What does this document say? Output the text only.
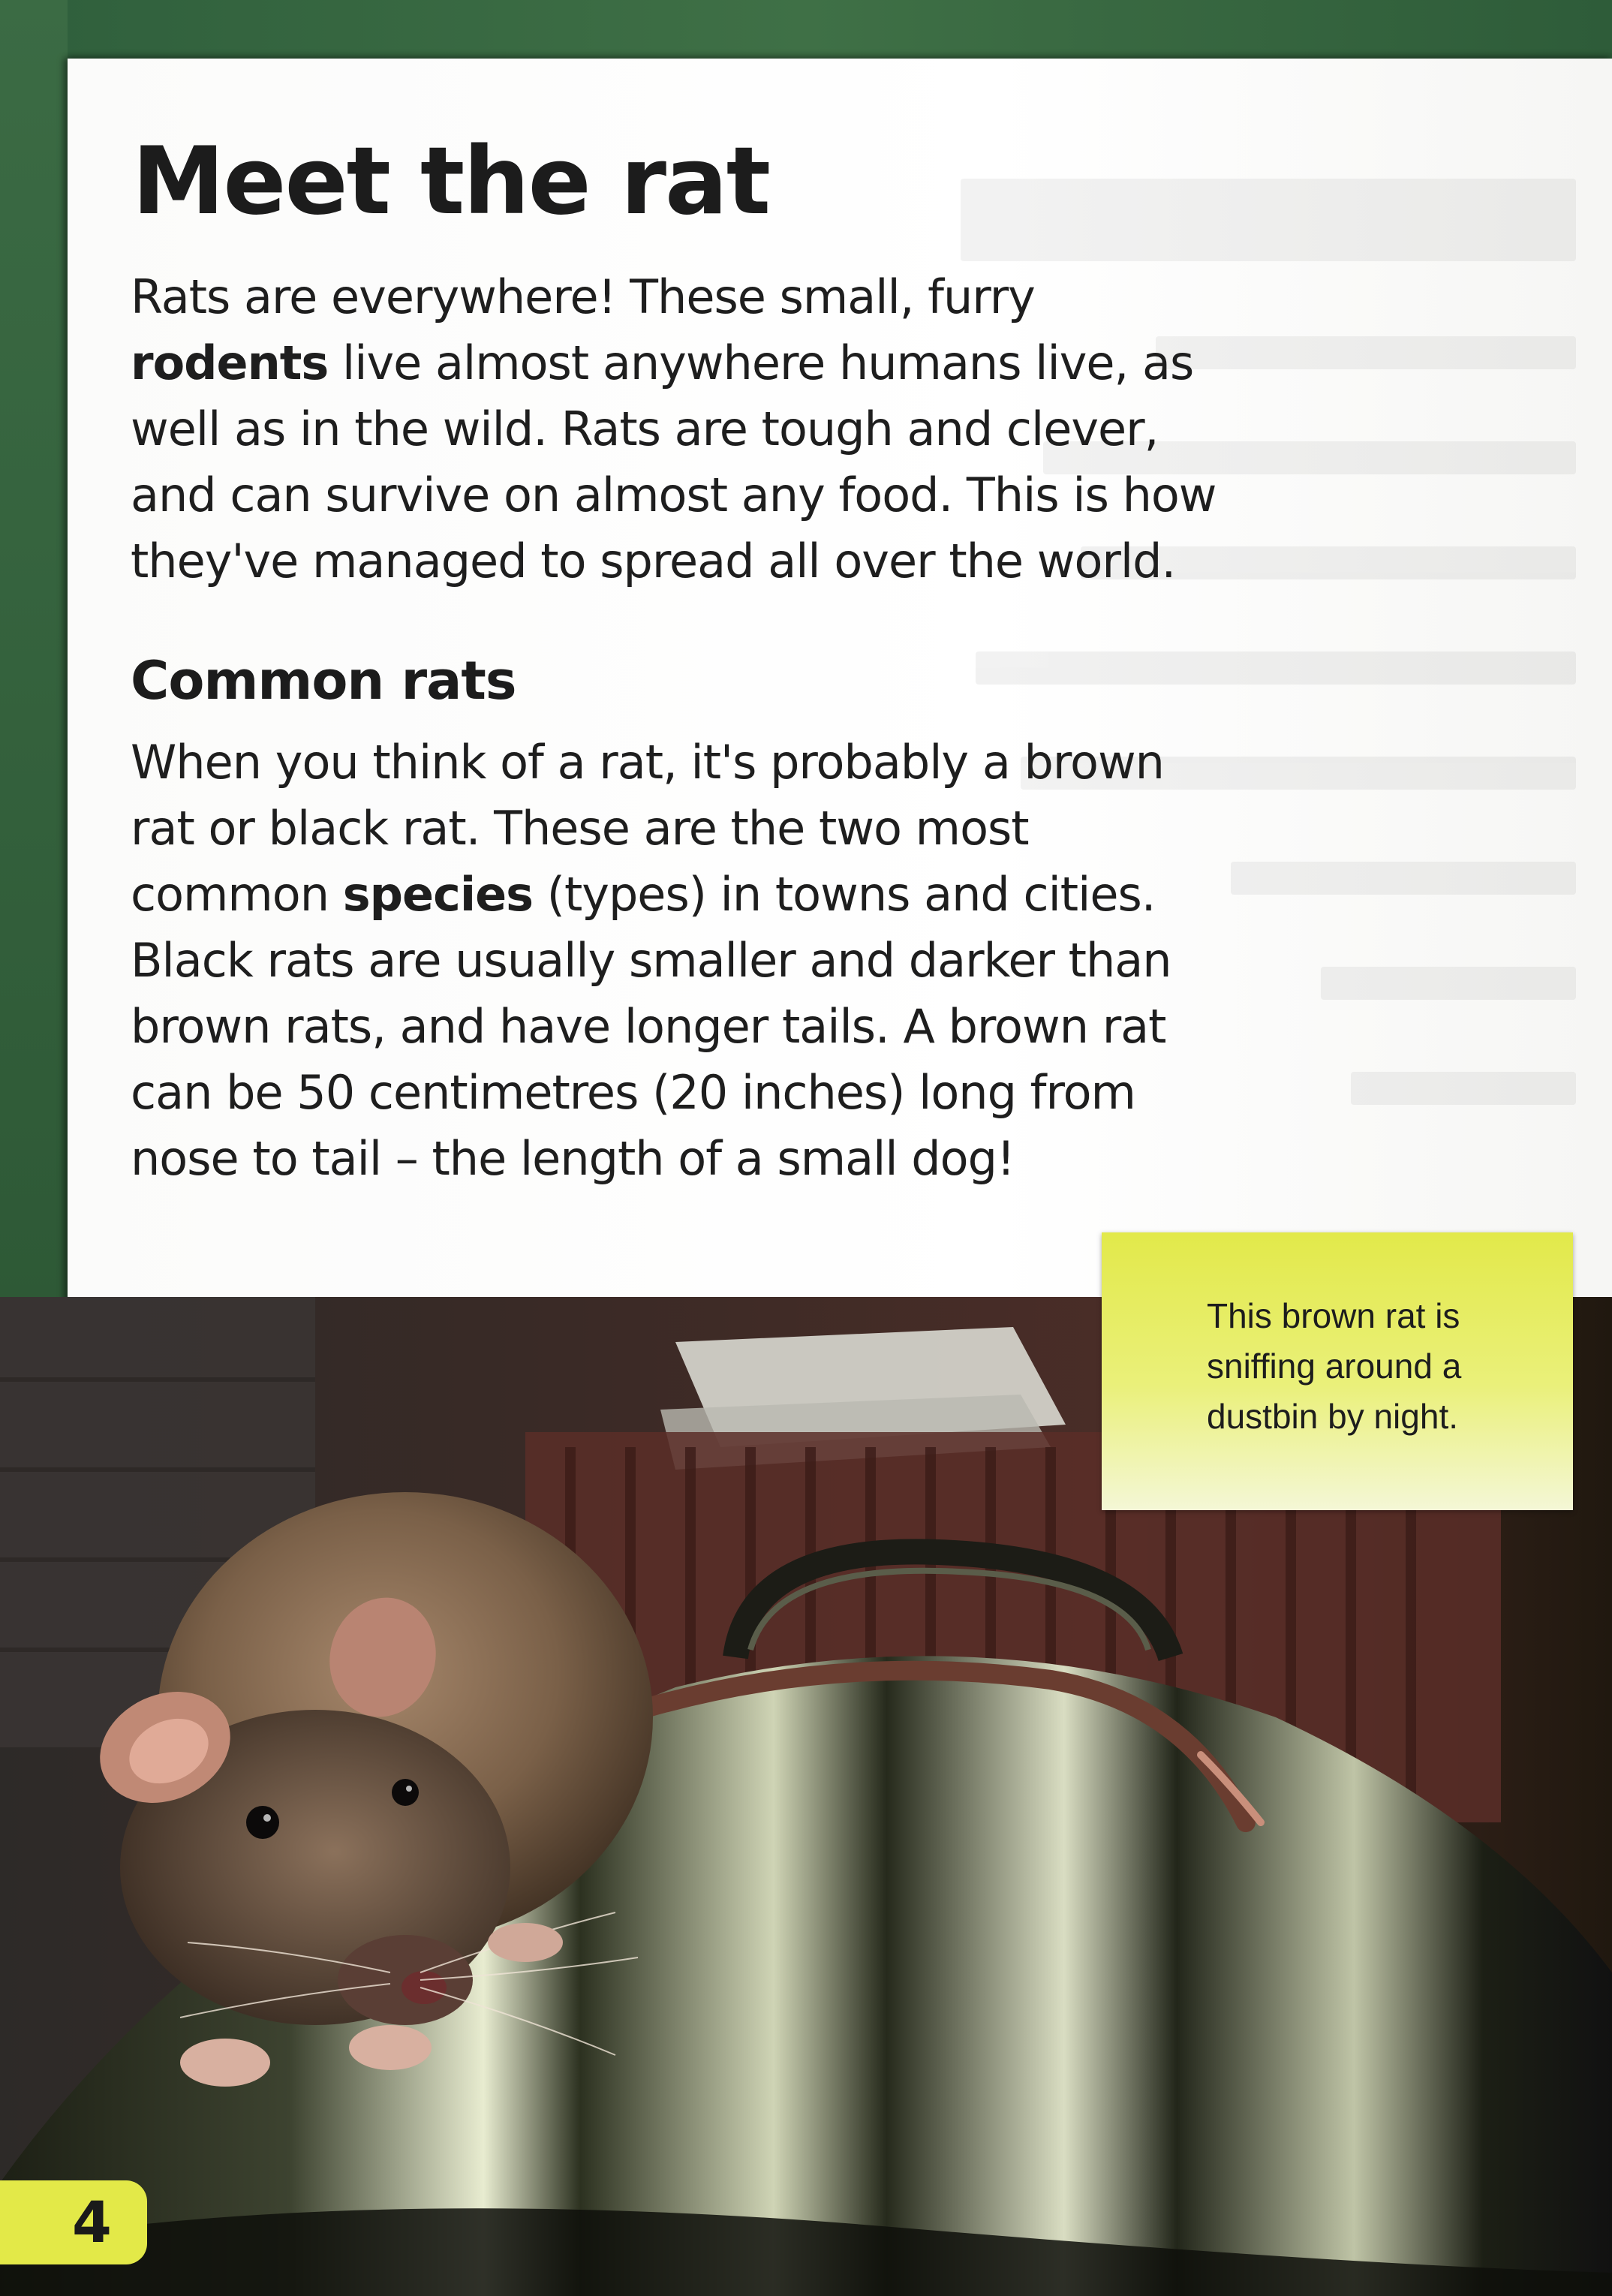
Meet the rat

Rats are everywhere! These small, furry rodents live almost anywhere humans live, as well as in the wild. Rats are tough and clever, and can survive on almost any food. This is how they've managed to spread all over the world.

Common rats

When you think of a rat, it's probably a brown rat or black rat. These are the two most common species (types) in towns and cities. Black rats are usually smaller and darker than brown rats, and have longer tails. A brown rat can be 50 centimetres (20 inches) long from nose to tail – the length of a small dog!

This brown rat is sniffing around a dustbin by night.

4
